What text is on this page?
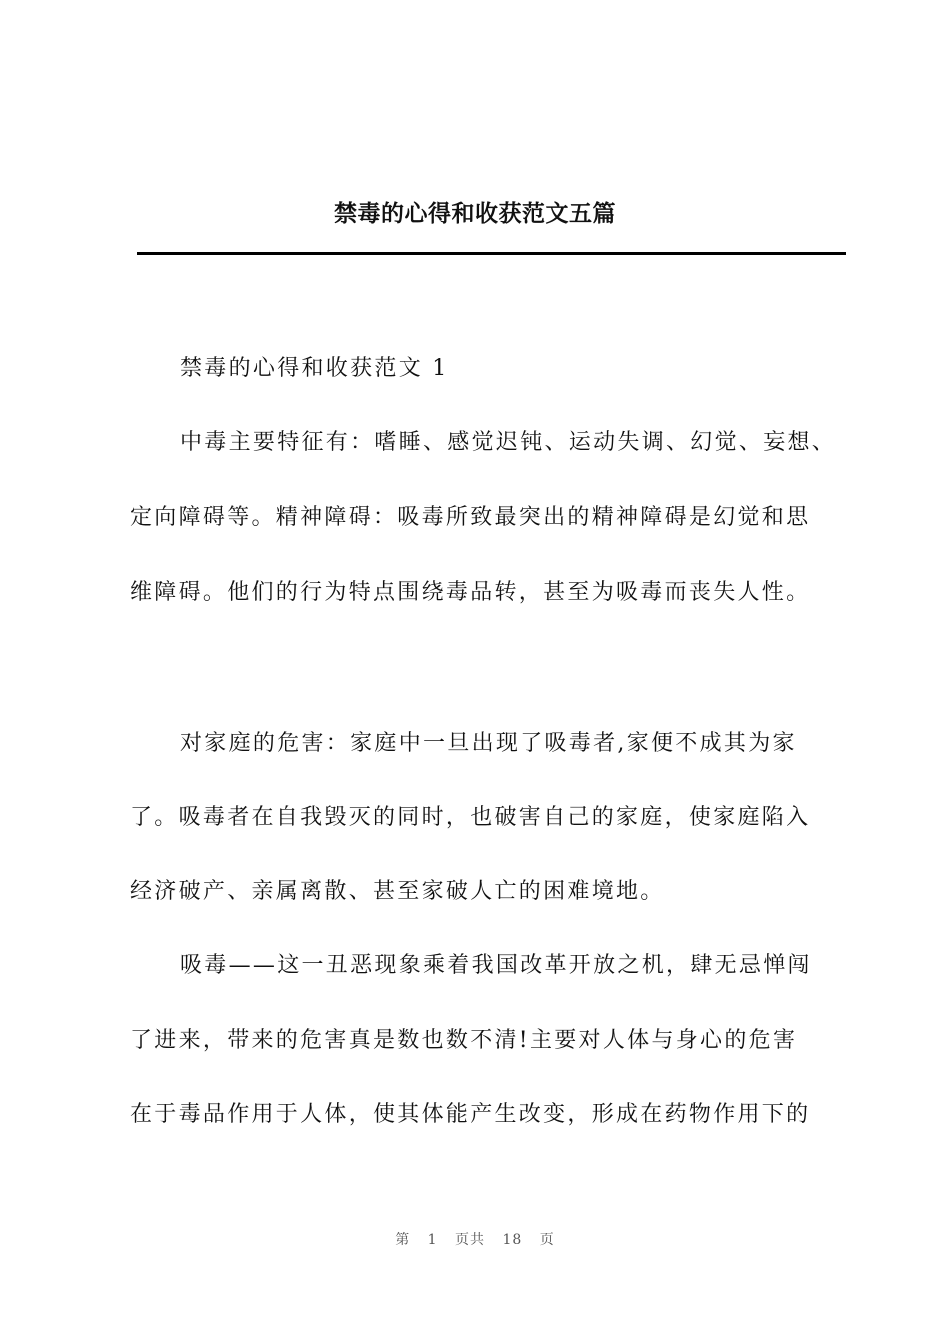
禁毒的心得和收获范文五篇
禁毒的心得和收获范文 1
中毒主要特征有：嗜睡、感觉迟钝、运动失调、幻觉、妄想、
定向障碍等。精神障碍：吸毒所致最突出的精神障碍是幻觉和思
维障碍。他们的行为特点围绕毒品转，甚至为吸毒而丧失人性。
对家庭的危害：家庭中一旦出现了吸毒者,家便不成其为家
了。吸毒者在自我毁灭的同时，也破害自己的家庭，使家庭陷入
经济破产、亲属离散、甚至家破人亡的困难境地。
吸毒——这一丑恶现象乘着我国改革开放之机，肆无忌惮闯
了进来，带来的危害真是数也数不清!主要对人体与身心的危害
在于毒品作用于人体，使其体能产生改变，形成在药物作用下的
第 1 页共 18 页
